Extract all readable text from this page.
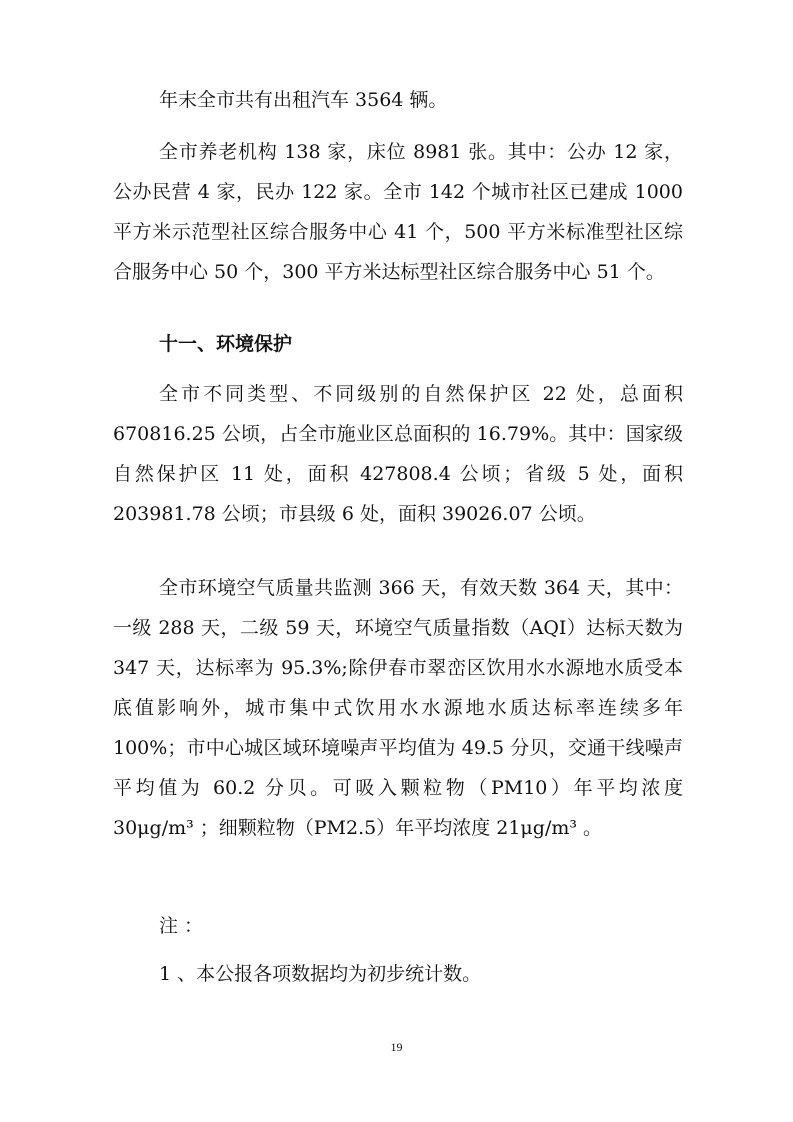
年末全市共有出租汽车 3564 辆。

全市养老机构 138 家，床位 8981 张。其中：公办 12 家，公办民营 4 家，民办 122 家。全市 142 个城市社区已建成 1000 平方米示范型社区综合服务中心 41 个，500 平方米标准型社区综合服务中心 50 个，300 平方米达标型社区综合服务中心 51 个。

十一、环境保护

全市不同类型、不同级别的自然保护区 22 处，总面积 670816.25 公顷，占全市施业区总面积的 16.79%。其中：国家级自然保护区 11 处，面积 427808.4 公顷；省级 5 处，面积 203981.78 公顷；市县级 6 处，面积 39026.07 公顷。

全市环境空气质量共监测 366 天，有效天数 364 天，其中：一级 288 天，二级 59 天，环境空气质量指数（AQI）达标天数为 347 天，达标率为 95.3%;除伊春市翠峦区饮用水水源地水质受本底值影响外，城市集中式饮用水水源地水质达标率连续多年 100%；市中心城区域环境噪声平均值为 49.5 分贝，交通干线噪声平均值为 60.2 分贝。可吸入颗粒物（PM10）年平均浓度 30μg/m³ ；细颗粒物（PM2.5）年平均浓度 21μg/m³ 。

注 ：

1 、本公报各项数据均为初步统计数。

19
